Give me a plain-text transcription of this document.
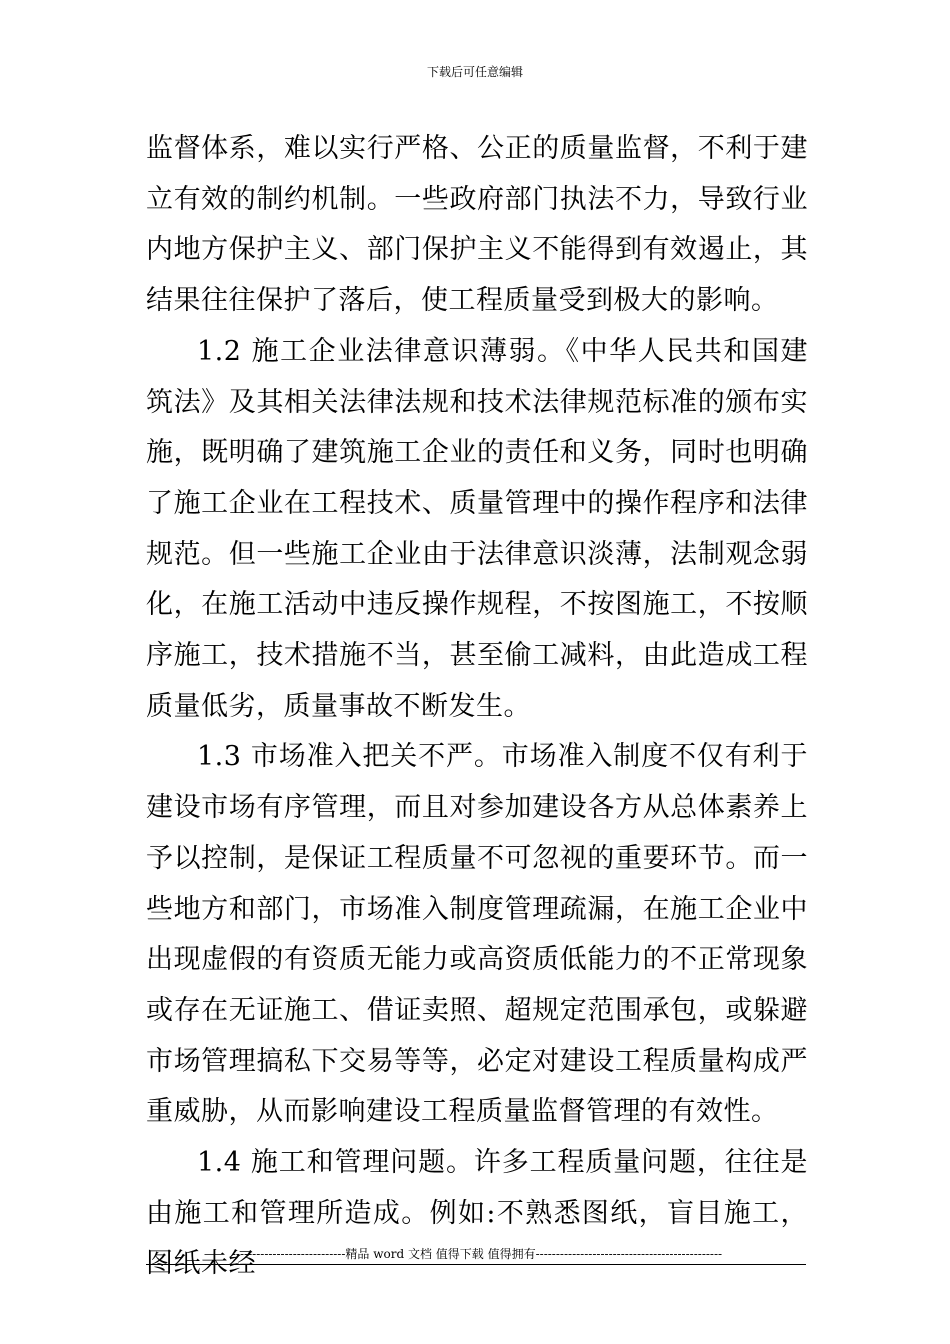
下载后可任意编辑

监督体系，难以实行严格、公正的质量监督，不利于建立有效的制约机制。一些政府部门执法不力，导致行业内地方保护主义、部门保护主义不能得到有效遏止，其结果往往保护了落后，使工程质量受到极大的影响。

1.2 施工企业法律意识薄弱。《中华人民共和国建筑法》及其相关法律法规和技术法律规范标准的颁布实施，既明确了建筑施工企业的责任和义务，同时也明确了施工企业在工程技术、质量管理中的操作程序和法律规范。但一些施工企业由于法律意识淡薄，法制观念弱化，在施工活动中违反操作规程，不按图施工，不按顺序施工，技术措施不当，甚至偷工减料，由此造成工程质量低劣，质量事故不断发生。

1.3 市场准入把关不严。市场准入制度不仅有利于建设市场有序管理，而且对参加建设各方从总体素养上予以控制，是保证工程质量不可忽视的重要环节。而一些地方和部门，市场准入制度管理疏漏，在施工企业中出现虚假的有资质无能力或高资质低能力的不正常现象或存在无证施工、借证卖照、超规定范围承包，或躲避市场管理搞私下交易等等，必定对建设工程质量构成严重威胁，从而影响建设工程质量监督管理的有效性。

1.4 施工和管理问题。许多工程质量问题，往往是由施工和管理所造成。例如:不熟悉图纸，盲目施工，图纸未经

----------------------------精品 word 文档 值得下载 值得拥有----------------------------------------------
